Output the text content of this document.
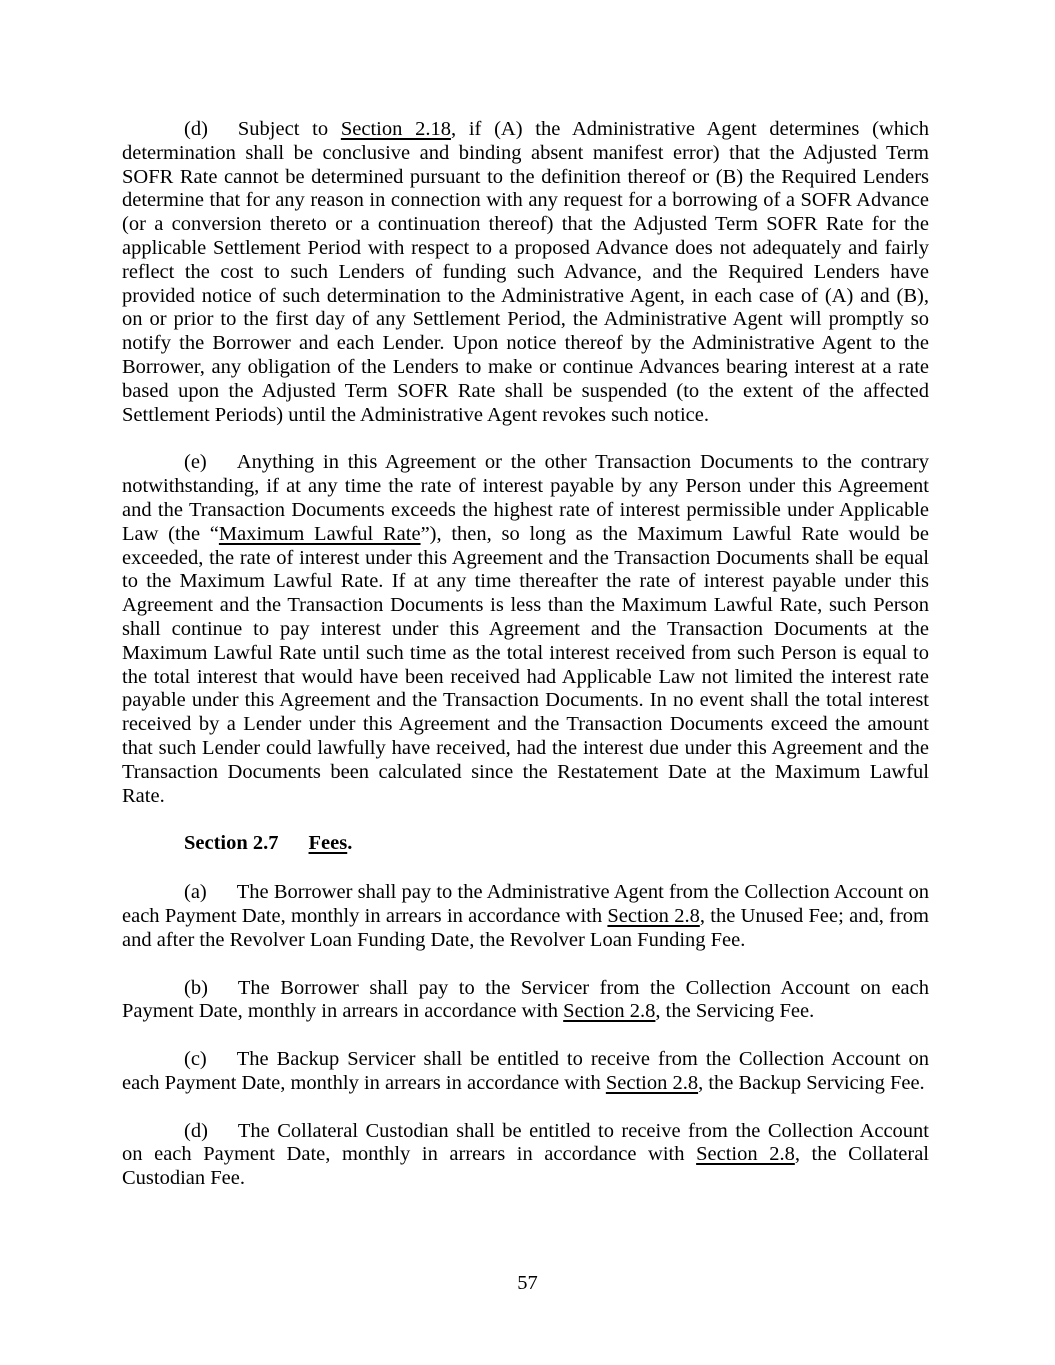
(d) Subject to Section 2.18, if (A) the Administrative Agent determines (which determination shall be conclusive and binding absent manifest error) that the Adjusted Term SOFR Rate cannot be determined pursuant to the definition thereof or (B) the Required Lenders determine that for any reason in connection with any request for a borrowing of a SOFR Advance (or a conversion thereto or a continuation thereof) that the Adjusted Term SOFR Rate for the applicable Settlement Period with respect to a proposed Advance does not adequately and fairly reflect the cost to such Lenders of funding such Advance, and the Required Lenders have provided notice of such determination to the Administrative Agent, in each case of (A) and (B), on or prior to the first day of any Settlement Period, the Administrative Agent will promptly so notify the Borrower and each Lender. Upon notice thereof by the Administrative Agent to the Borrower, any obligation of the Lenders to make or continue Advances bearing interest at a rate based upon the Adjusted Term SOFR Rate shall be suspended (to the extent of the affected Settlement Periods) until the Administrative Agent revokes such notice.

(e) Anything in this Agreement or the other Transaction Documents to the contrary notwithstanding, if at any time the rate of interest payable by any Person under this Agreement and the Transaction Documents exceeds the highest rate of interest permissible under Applicable Law (the “Maximum Lawful Rate”), then, so long as the Maximum Lawful Rate would be exceeded, the rate of interest under this Agreement and the Transaction Documents shall be equal to the Maximum Lawful Rate. If at any time thereafter the rate of interest payable under this Agreement and the Transaction Documents is less than the Maximum Lawful Rate, such Person shall continue to pay interest under this Agreement and the Transaction Documents at the Maximum Lawful Rate until such time as the total interest received from such Person is equal to the total interest that would have been received had Applicable Law not limited the interest rate payable under this Agreement and the Transaction Documents. In no event shall the total interest received by a Lender under this Agreement and the Transaction Documents exceed the amount that such Lender could lawfully have received, had the interest due under this Agreement and the Transaction Documents been calculated since the Restatement Date at the Maximum Lawful Rate.

Section 2.7 Fees.

(a) The Borrower shall pay to the Administrative Agent from the Collection Account on each Payment Date, monthly in arrears in accordance with Section 2.8, the Unused Fee; and, from and after the Revolver Loan Funding Date, the Revolver Loan Funding Fee.

(b) The Borrower shall pay to the Servicer from the Collection Account on each Payment Date, monthly in arrears in accordance with Section 2.8, the Servicing Fee.

(c) The Backup Servicer shall be entitled to receive from the Collection Account on each Payment Date, monthly in arrears in accordance with Section 2.8, the Backup Servicing Fee.

(d) The Collateral Custodian shall be entitled to receive from the Collection Account on each Payment Date, monthly in arrears in accordance with Section 2.8, the Collateral Custodian Fee.

57
